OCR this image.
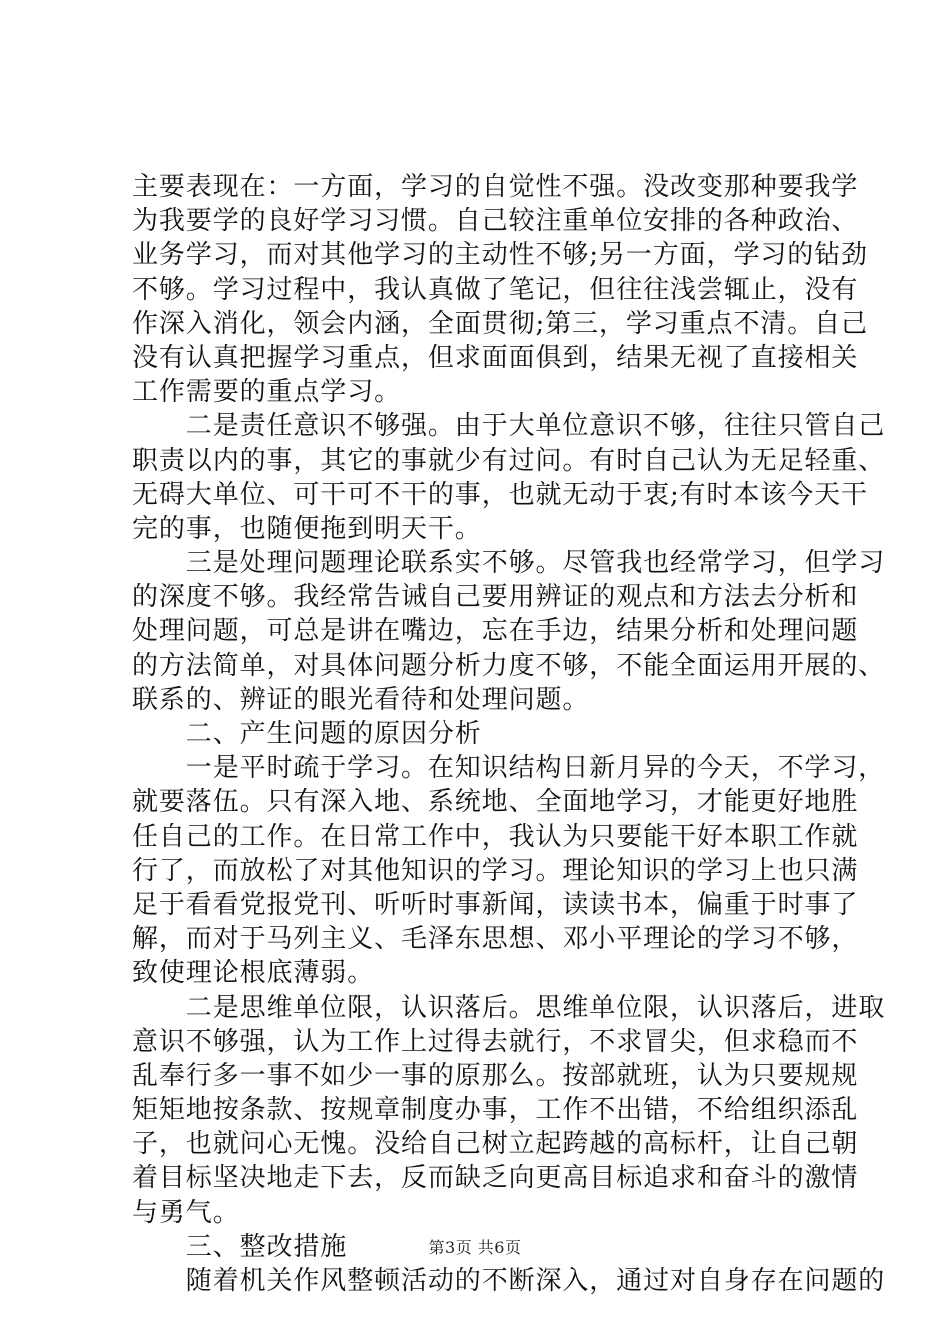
主要表现在：一方面，学习的自觉性不强。没改变那种要我学
为我要学的良好学习习惯。自己较注重单位安排的各种政治、
业务学习，而对其他学习的主动性不够;另一方面，学习的钻劲
不够。学习过程中，我认真做了笔记，但往往浅尝辄止，没有
作深入消化，领会内涵，全面贯彻;第三，学习重点不清。自己
没有认真把握学习重点，但求面面俱到，结果无视了直接相关
工作需要的重点学习。
　　二是责任意识不够强。由于大单位意识不够，往往只管自己
职责以内的事，其它的事就少有过问。有时自己认为无足轻重、
无碍大单位、可干可不干的事，也就无动于衷;有时本该今天干
完的事，也随便拖到明天干。
　　三是处理问题理论联系实不够。尽管我也经常学习，但学习
的深度不够。我经常告诫自己要用辨证的观点和方法去分析和
处理问题，可总是讲在嘴边，忘在手边，结果分析和处理问题
的方法简单，对具体问题分析力度不够，不能全面运用开展的、
联系的、辨证的眼光看待和处理问题。
　　二、产生问题的原因分析
　　一是平时疏于学习。在知识结构日新月异的今天，不学习，
就要落伍。只有深入地、系统地、全面地学习，才能更好地胜
任自己的工作。在日常工作中，我认为只要能干好本职工作就
行了，而放松了对其他知识的学习。理论知识的学习上也只满
足于看看党报党刊、听听时事新闻，读读书本，偏重于时事了
解，而对于马列主义、毛泽东思想、邓小平理论的学习不够，
致使理论根底薄弱。
　　二是思维单位限，认识落后。思维单位限，认识落后，进取
意识不够强，认为工作上过得去就行，不求冒尖，但求稳而不
乱奉行多一事不如少一事的原那么。按部就班，认为只要规规
矩矩地按条款、按规章制度办事，工作不出错，不给组织添乱
子，也就问心无愧。没给自己树立起跨越的高标杆，让自己朝
着目标坚决地走下去，反而缺乏向更高目标追求和奋斗的激情
与勇气。
　　三、整改措施
　　随着机关作风整顿活动的不断深入，通过对自身存在问题的
第3页 共6页
